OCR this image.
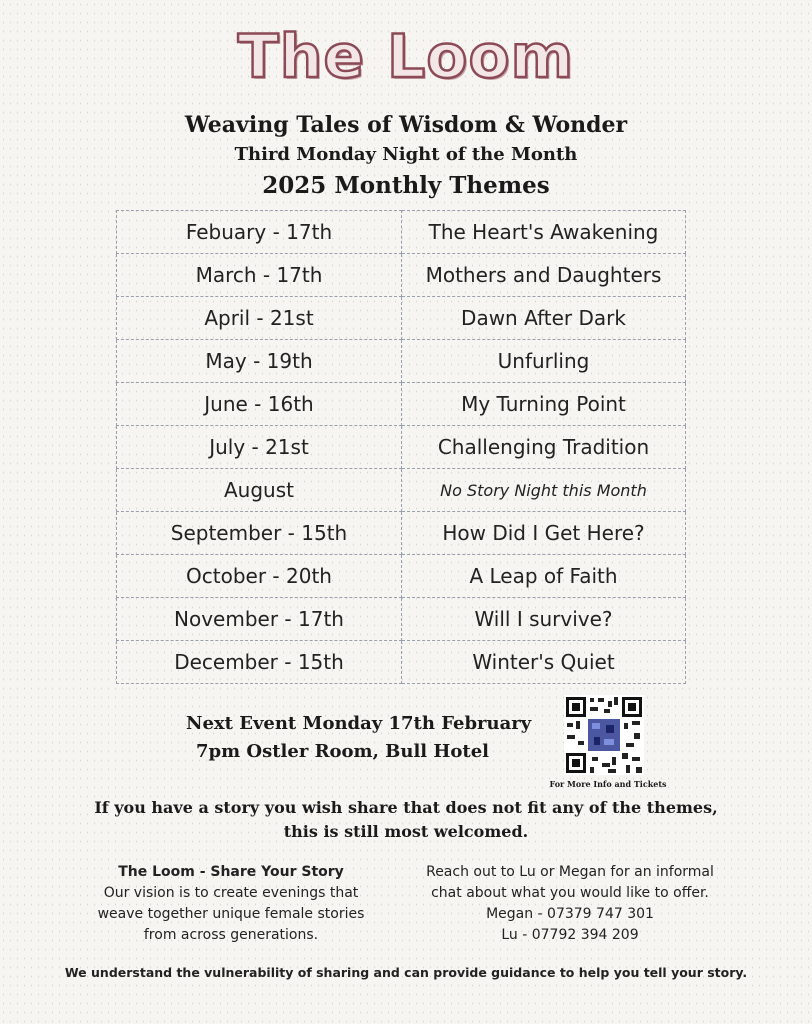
The Loom
Weaving Tales of Wisdom & Wonder
Third Monday Night of the Month
2025 Monthly Themes
Febuary - 17th	The Heart's Awakening
March - 17th	Mothers and Daughters
April - 21st	Dawn After Dark
May - 19th	Unfurling
June - 16th	My Turning Point
July - 21st	Challenging Tradition
August	No Story Night this Month
September - 15th	How Did I Get Here?
October - 20th	A Leap of Faith
November - 17th	Will I survive?
December - 15th	Winter's Quiet
Next Event Monday 17th February
7pm Ostler Room, Bull Hotel
For More Info and Tickets
If you have a story you wish share that does not fit any of the themes,
this is still most welcomed.
The Loom - Share Your Story
Our vision is to create evenings that
weave together unique female stories
from across generations.
Reach out to Lu or Megan for an informal
chat about what you would like to offer.
Megan - 07379 747 301
Lu - 07792 394 209
We understand the vulnerability of sharing and can provide guidance to help you tell your story.
